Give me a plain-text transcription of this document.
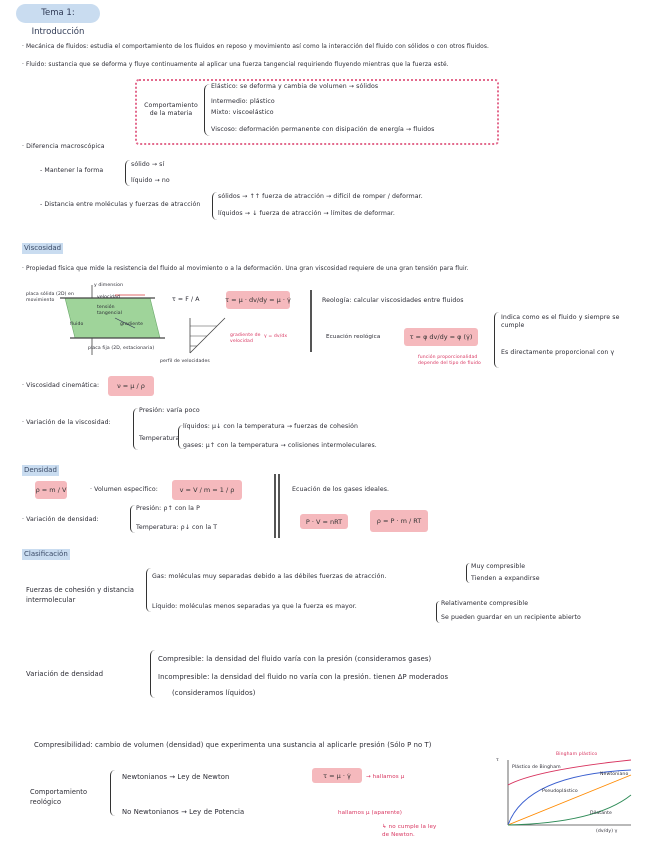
Tema 1: Introducción
· Mecánica de fluidos: estudia el comportamiento de los fluidos en reposo y movimiento así como la interacción del fluido con sólidos o con otros fluidos.
· Fluido: sustancia que se deforma y fluye continuamente al aplicar una fuerza tangencial requiriendo fluyendo mientras que la fuerza esté.
Comportamiento de la materia
Elástico: se deforma y cambia de volumen → sólidos
Intermedio: plástico
Mixto: viscoelástico
Viscoso: deformación permanente con disipación de energía → fluidos
· Diferencia macroscópica
- Mantener la forma
sólido → sí
líquido → no
- Distancia entre moléculas y fuerzas de atracción
sólidos → ↑↑ fuerza de atracción → difícil de romper / deformar.
líquidos → ↓ fuerza de atracción → límites de deformar.
Viscosidad
· Propiedad física que mide la resistencia del fluido al movimiento o a la deformación. Una gran viscosidad requiere de una gran tensión para fluir.
y dimension
placa sólida (2D) en movimiento
velocidad
tensión tangencial
fluido	gradiente
placa fija (2D, estacionaria)
τ = F / A	τ = μ · dv/dy = μ · γ̇
gradiente de velocidad
γ = dv/dx
perfil de velocidades
Reología: calcular viscosidades entre fluidos
Ecuación reológica	τ = φ dv/dy = φ (γ̇)
función proporcionalidad depende del tipo de fluido
Indica como es el fluido y siempre se cumple
Es directamente proporcional con γ
· Viscosidad cinemática:	ν = μ / ρ
· Variación de la viscosidad:
Presión: varía poco
Temperatura
líquidos: μ↓ con la temperatura → fuerzas de cohesión
gases: μ↑ con la temperatura → colisiones intermoleculares.
Densidad
ρ = m / V	· Volumen específico:	v = V / m = 1 / ρ
· Variación de densidad:
Presión: ρ↑ con la P
Temperatura: ρ↓ con la T
Ecuación de los gases ideales.
P · V = nRT	ρ = P · m / RT
Clasificación
Fuerzas de cohesión y distancia intermolecular
Gas: moléculas muy separadas debido a las débiles fuerzas de atracción.
Muy compresible
Tienden a expandirse
Líquido: moléculas menos separadas ya que la fuerza es mayor.	Relativamente compresible
Se pueden guardar en un recipiente abierto
Variación de densidad
Compresible: la densidad del fluido varía con la presión (consideramos gases)
Incompresible: la densidad del fluido no varía con la presión. tienen ΔP moderados
(consideramos líquidos)
Compresibilidad: cambio de volumen (densidad) que experimenta una sustancia al aplicarle presión (Sólo P no T)
Comportamiento reológico
Newtonianos → Ley de Newton	τ = μ · γ̇	→ hallamos μ
No Newtonianos → Ley de Potencia	hallamos μ (aparente)
↳ no cumple la ley de Newton.
τ
(dv/dy) γ
Bingham plástico
Plástico de Bingham
Newtoniano
Pseudoplástico
Dilatante
